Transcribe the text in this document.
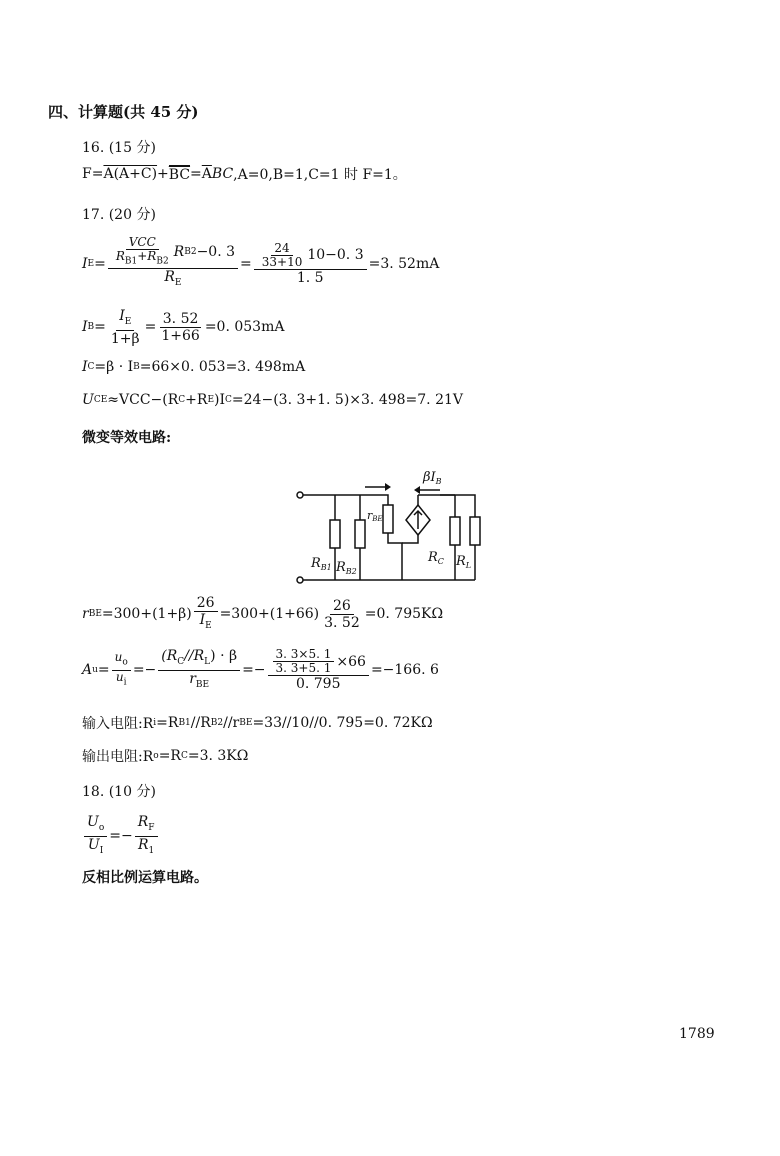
四、计算题(共 45 分)
16. (15 分)
$F= A(A+C) + \overline{BC} = \overline{A}$ BC ,A=0,B=1,C=1 时 F=1。
17. (20 分)
I $E = \frac{\frac{\text{VCC}}{R_{B1}+R_{B2}} R B2 -0. 3}{R_E} = \frac{\frac{24}{33+10} 10-0. 3}{1. 5} =3$. 52mA
I $B = \frac{I_E}{1+\beta} = \frac{3. 52}{1+66} =0$. 053mA
I C =β · I B =66×0. 053=3. 498mA
U CE ≈VCC−(R C +R E )I C =24−(3. 3+1. 5)×3. 498=7. 21V
微变等效电路:
$\beta I_B$
rBE
$R_{B1}$ $R_{B2}$
$R_C$ $R_L$
r BE $=300+(1+\beta) \frac{26}{I_E} =300+(1+66) \frac{26}{3. 52} =0$. 795KΩ
A $u = \frac{u_o}{u_i} =- \frac{(R_C//R_L) \cdot \beta}{r_{BE}} =- \frac{\frac{3. 3\times 5. 1}{3. 3+5. 1} \times 66}{0. 795} =-166$. 6
输入电阻:R i =R B1 //R B2 //r BE =33//10//0. 795=0. 72KΩ
输出电阻:R o =R C =3. 3KΩ
18. (10 分)
$\frac{U_o}{U_I} =- \frac{R_F}{R_1}$
反相比例运算电路。
1789
